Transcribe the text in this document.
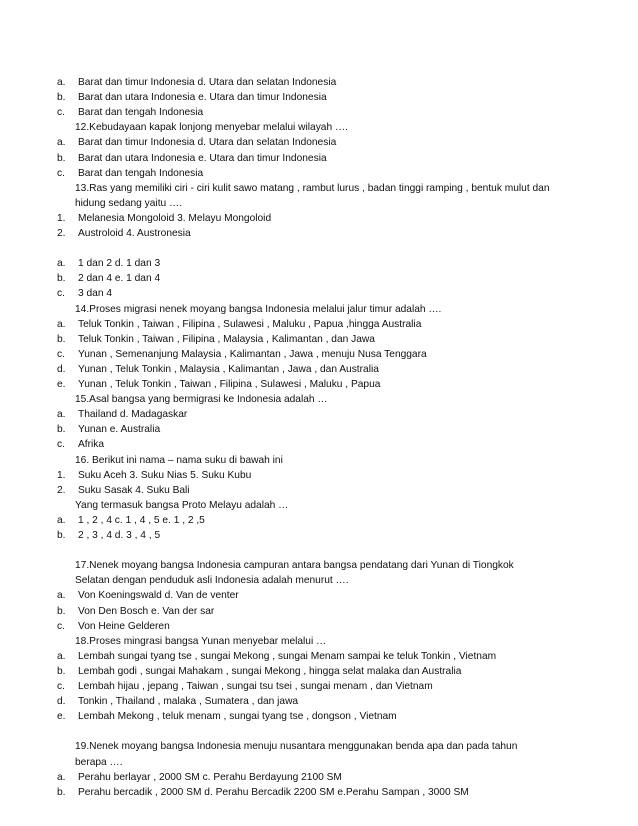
a. Barat dan timur Indonesia d. Utara dan selatan Indonesia
b. Barat dan utara Indonesia e. Utara dan timur Indonesia
c. Barat dan tengah Indonesia
12.Kebudayaan kapak lonjong menyebar melalui wilayah ….
a. Barat dan timur Indonesia d. Utara dan selatan Indonesia
b. Barat dan utara Indonesia e. Utara dan timur Indonesia
c. Barat dan tengah Indonesia
13.Ras yang memiliki ciri - ciri kulit sawo matang , rambut lurus , badan tinggi ramping , bentuk mulut dan
hidung sedang yaitu ….
1. Melanesia Mongoloid 3. Melayu Mongoloid
2. Austroloid 4. Austronesia
a. 1 dan 2 d. 1 dan 3
b. 2 dan 4 e. 1 dan 4
c. 3 dan 4
14.Proses migrasi nenek moyang bangsa Indonesia melalui jalur timur adalah ….
a. Teluk Tonkin , Taiwan , Filipina , Sulawesi , Maluku , Papua ,hingga Australia
b. Teluk Tonkin , Taiwan , Filipina , Malaysia , Kalimantan , dan Jawa
c. Yunan , Semenanjung Malaysia , Kalimantan , Jawa , menuju Nusa Tenggara
d. Yunan , Teluk Tonkin , Malaysia , Kalimantan , Jawa , dan Australia
e. Yunan , Teluk Tonkin , Taiwan , Filipina , Sulawesi , Maluku , Papua
15.Asal bangsa yang bermigrasi ke Indonesia adalah …
a. Thailand d. Madagaskar
b. Yunan e. Australia
c. Afrika
16. Berikut ini nama – nama suku di bawah ini
1. Suku Aceh 3. Suku Nias 5. Suku Kubu
2. Suku Sasak 4. Suku Bali
Yang termasuk bangsa Proto Melayu adalah …
a. 1 , 2 , 4 c. 1 , 4 , 5 e. 1 , 2 ,5
b. 2 , 3 , 4 d. 3 , 4 , 5
17.Nenek moyang bangsa Indonesia campuran antara bangsa pendatang dari Yunan di Tiongkok
Selatan dengan penduduk asli Indonesia adalah menurut ….
a. Von Koeningswald d. Van de venter
b. Von Den Bosch e. Van der sar
c. Von Heine Gelderen
18.Proses mingrasi bangsa Yunan menyebar melalui …
a. Lembah sungai tyang tse , sungai Mekong , sungai Menam sampai ke teluk Tonkin , Vietnam
b. Lembah godi , sungai Mahakam , sungai Mekong , hingga selat malaka dan Australia
c. Lembah hijau , jepang , Taiwan , sungai tsu tsei , sungai menam , dan Vietnam
d. Tonkin , Thailand , malaka , Sumatera , dan jawa
e. Lembah Mekong , teluk menam , sungai tyang tse , dongson , Vietnam
19.Nenek moyang bangsa Indonesia menuju nusantara menggunakan benda apa dan pada tahun
berapa ….
a. Perahu berlayar , 2000 SM c. Perahu Berdayung 2100 SM
b. Perahu bercadik , 2000 SM d. Perahu Bercadik 2200 SM e.Perahu Sampan , 3000 SM
